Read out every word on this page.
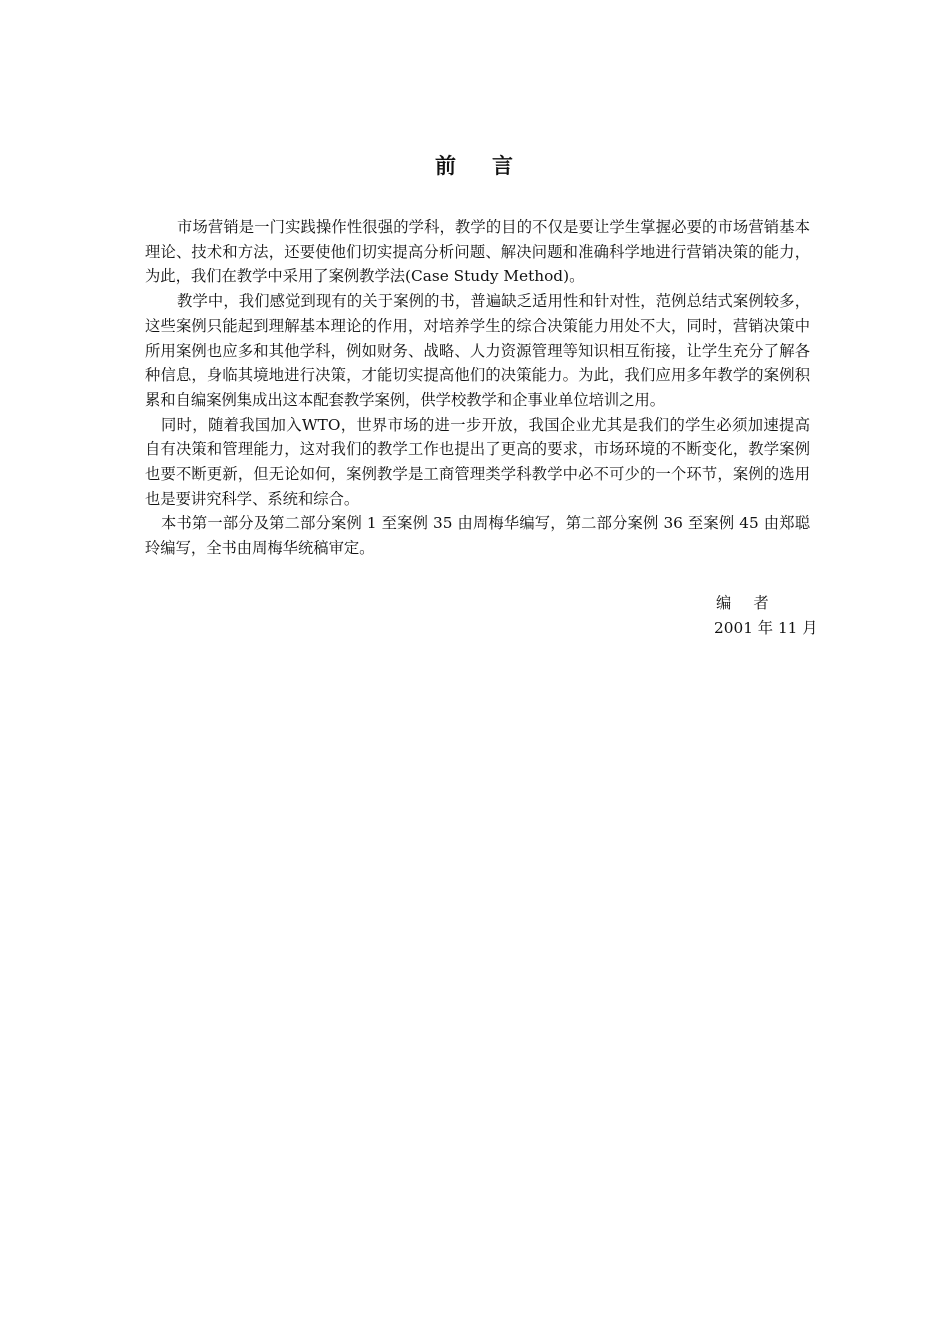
前 言

市场营销是一门实践操作性很强的学科，教学的目的不仅是要让学生掌握必要的市场营销基本理论、技术和方法，还要使他们切实提高分析问题、解决问题和准确科学地进行营销决策的能力，为此，我们在教学中采用了案例教学法(Case Study Method)。

教学中，我们感觉到现有的关于案例的书，普遍缺乏适用性和针对性，范例总结式案例较多，这些案例只能起到理解基本理论的作用，对培养学生的综合决策能力用处不大，同时，营销决策中所用案例也应多和其他学科，例如财务、战略、人力资源管理等知识相互衔接，让学生充分了解各种信息，身临其境地进行决策，才能切实提高他们的决策能力。为此，我们应用多年教学的案例积累和自编案例集成出这本配套教学案例，供学校教学和企事业单位培训之用。

同时，随着我国加入WTO，世界市场的进一步开放，我国企业尤其是我们的学生必须加速提高自有决策和管理能力，这对我们的教学工作也提出了更高的要求，市场环境的不断变化，教学案例也要不断更新，但无论如何，案例教学是工商管理类学科教学中必不可少的一个环节，案例的选用也是要讲究科学、系统和综合。

本书第一部分及第二部分案例 1 至案例 35 由周梅华编写，第二部分案例 36 至案例 45 由郑聪玲编写，全书由周梅华统稿审定。

编 者
2001 年 11 月
